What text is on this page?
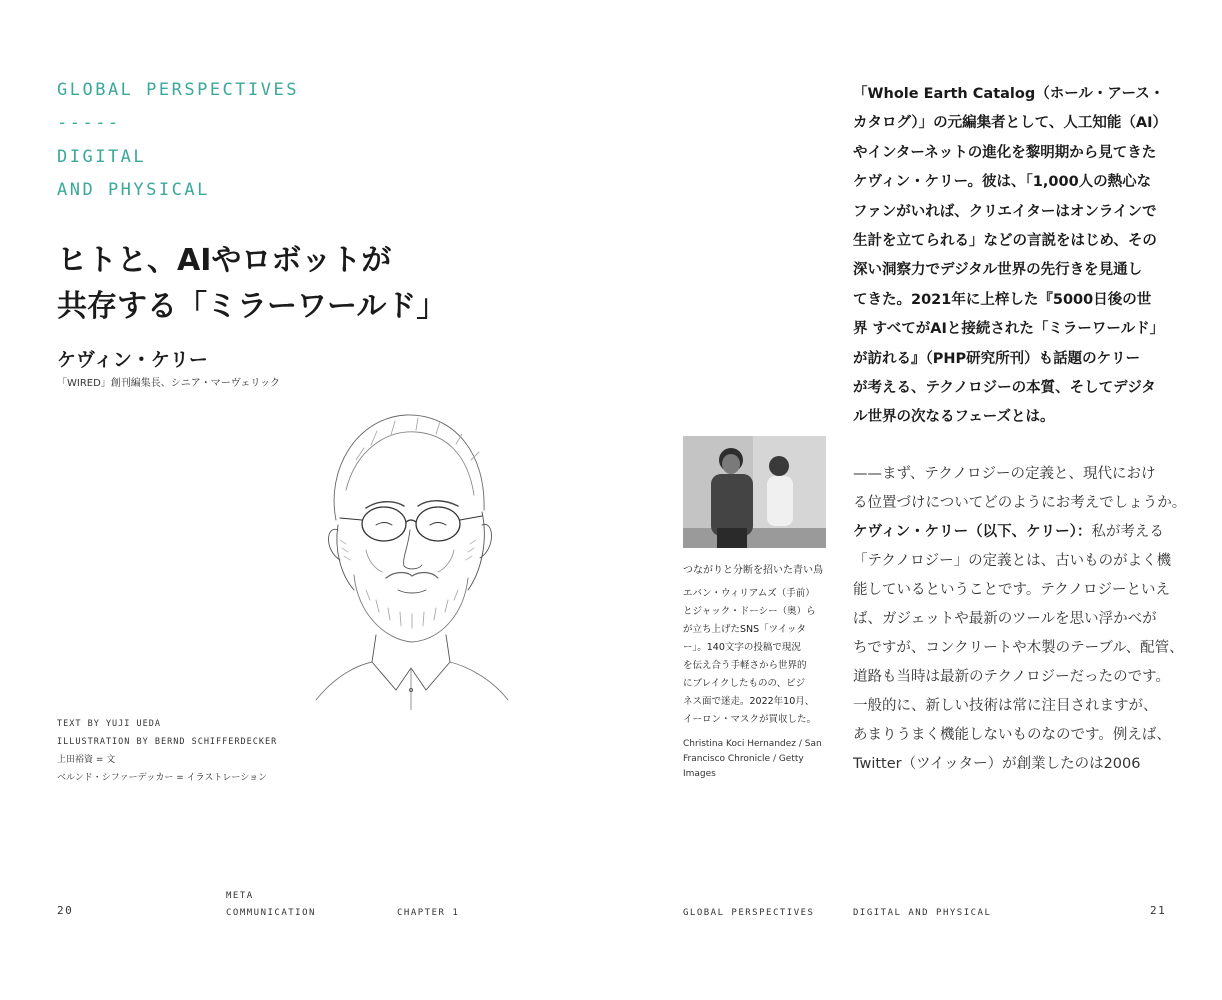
GLOBAL PERSPECTIVES
-----
DIGITAL
AND PHYSICAL
ヒトと、AIやロボットが
共存する「ミラーワールド」
ケヴィン・ケリー
「WIRED」創刊編集長、シニア・マーヴェリック
TEXT BY YUJI UEDA
ILLUSTRATION BY BERND SCHIFFERDECKER
上田裕資 = 文
ベルンド・シファーデッカー = イラストレーション
つながりと分断を招いた青い鳥
エバン・ウィリアムズ（手前）
とジャック・ドーシー（奥）ら
が立ち上げたSNS「ツイッタ
ー」。140文字の投稿で現況
を伝え合う手軽さから世界的
にブレイクしたものの、ビジ
ネス面で迷走。2022年10月、
イーロン・マスクが買収した。
Christina Koci Hernandez / San
Francisco Chronicle / Getty
Images
「Whole Earth Catalog（ホール・アース・
カタログ）」の元編集者として、人工知能（AI）
やインターネットの進化を黎明期から見てきた
ケヴィン・ケリー。彼は、「1,000人の熱心な
ファンがいれば、クリエイターはオンラインで
生計を立てられる」などの言説をはじめ、その
深い洞察力でデジタル世界の先行きを見通し
てきた。2021年に上梓した『5000日後の世
界 すべてがAIと接続された「ミラーワールド」
が訪れる』（PHP研究所刊）も話題のケリー
が考える、テクノロジーの本質、そしてデジタ
ル世界の次なるフェーズとは。
——まず、テクノロジーの定義と、現代におけ
る位置づけについてどのようにお考えでしょうか。
ケヴィン・ケリー（以下、ケリー）：私が考える
「テクノロジー」の定義とは、古いものがよく機
能しているということです。テクノロジーといえ
ば、ガジェットや最新のツールを思い浮かべが
ちですが、コンクリートや木製のテーブル、配管、
道路も当時は最新のテクノロジーだったのです。
一般的に、新しい技術は常に注目されますが、
あまりうまく機能しないものなのです。例えば、
Twitter（ツイッター）が創業したのは2006
20
META
COMMUNICATION	CHAPTER 1	GLOBAL PERSPECTIVES	DIGITAL AND PHYSICAL	21
